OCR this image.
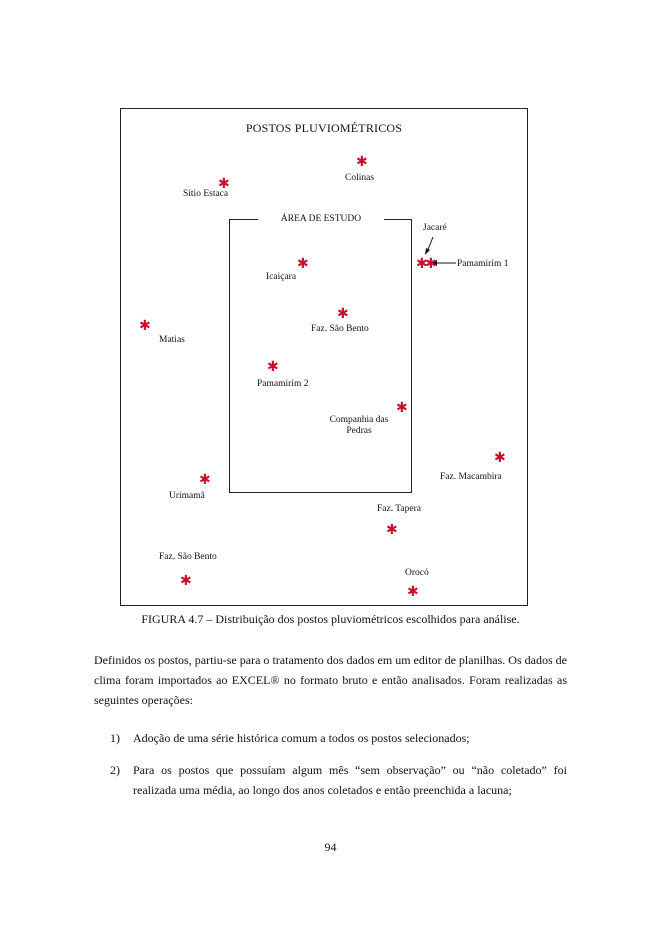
POSTOS PLUVIOMÉTRICOS
ÁREA DE ESTUDO
✱
Sítio Estaca
✱
Colinas
Jacaré
✱
✱ Pamamirim 1
✱
Icaiçara
✱
Faz. São Bento
✱
Matias
✱
Pamamirim 2
✱
Companhia das Pedras
✱
Faz. Macambira
✱
Urimamã
Faz. Tapera
✱
Faz. São Bento
✱	Orocó
✱
FIGURA 4.7 – Distribuição dos postos pluviométricos escolhidos para análise.
Definidos os postos, partiu-se para o tratamento dos dados em um editor de planilhas. Os dados de clima foram importados ao EXCEL® no formato bruto e então analisados. Foram realizadas as seguintes operações:
1) Adoção de uma série histórica comum a todos os postos selecionados;
2) Para os postos que possuíam algum mês “sem observação” ou “não coletado” foi realizada uma média, ao longo dos anos coletados e então preenchida a lacuna;
94
